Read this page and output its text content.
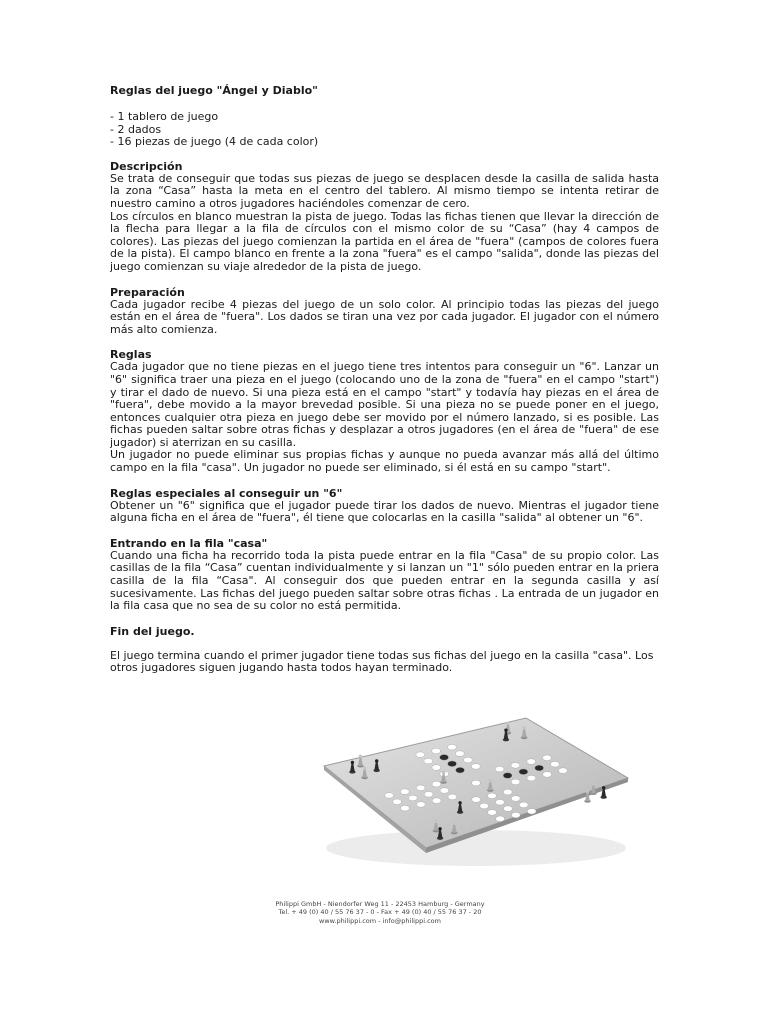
Reglas del juego "Ángel y Diablo"
- 1 tablero de juego
- 2 dados
- 16 piezas de juego (4 de cada color)
Descripción

Se trata de conseguir que todas sus piezas de juego se desplacen desde la casilla de salida hasta la zona “Casa” hasta la meta en el centro del tablero. Al mismo tiempo se intenta retirar de nuestro camino a otros jugadores haciéndoles comenzar de cero.

Los círculos en blanco muestran la pista de juego. Todas las fichas tienen que llevar la dirección de la flecha para llegar a la fila de círculos con el mismo color de su “Casa” (hay 4 campos de colores). Las piezas del juego comienzan la partida en el área de "fuera" (campos de colores fuera de la pista). El campo blanco en frente a la zona "fuera" es el campo "salida", donde las piezas del juego comienzan su viaje alrededor de la pista de juego.

Preparación

Cada jugador recibe 4 piezas del juego de un solo color. Al principio todas las piezas del juego están en el área de "fuera". Los dados se tiran una vez por cada jugador. El jugador con el número más alto comienza.

Reglas

Cada jugador que no tiene piezas en el juego tiene tres intentos para conseguir un "6". Lanzar un "6" significa traer una pieza en el juego (colocando uno de la zona de "fuera" en el campo "start") y tirar el dado de nuevo. Si una pieza está en el campo "start" y todavía hay piezas en el área de "fuera", debe movido a la mayor brevedad posible. Si una pieza no se puede poner en el juego, entonces cualquier otra pieza en juego debe ser movido por el número lanzado, si es posible. Las fichas pueden saltar sobre otras fichas y desplazar a otros jugadores (en el área de "fuera" de ese jugador) si aterrizan en su casilla.

Un jugador no puede eliminar sus propias fichas y aunque no pueda avanzar más allá del último campo en la fila "casa". Un jugador no puede ser eliminado, si él está en su campo "start".

Reglas especiales al conseguir un "6"

Obtener un "6" significa que el jugador puede tirar los dados de nuevo. Mientras el jugador tiene alguna ficha en el área de "fuera", él tiene que colocarlas en la casilla "salida" al obtener un "6".

Entrando en la fila "casa"

Cuando una ficha ha recorrido toda la pista puede entrar en la fila "Casa" de su propio color. Las casillas de la fila “Casa” cuentan individualmente y si lanzan un "1" sólo pueden entrar en la priera casilla de la fila “Casa". Al conseguir dos que pueden entrar en la segunda casilla y así sucesivamente. Las fichas del juego pueden saltar sobre otras fichas . La entrada de un jugador en la fila casa que no sea de su color no está permitida.

Fin del juego.

El juego termina cuando el primer jugador tiene todas sus fichas del juego en la casilla "casa". Los otros jugadores siguen jugando hasta todos hayan terminado.

Philippi GmbH - Niendorfer Weg 11 - 22453 Hamburg - Germany
Tel. + 49 (0) 40 / 55 76 37 - 0 - Fax + 49 (0) 40 / 55 76 37 - 20
www.philippi.com - info@philippi.com
